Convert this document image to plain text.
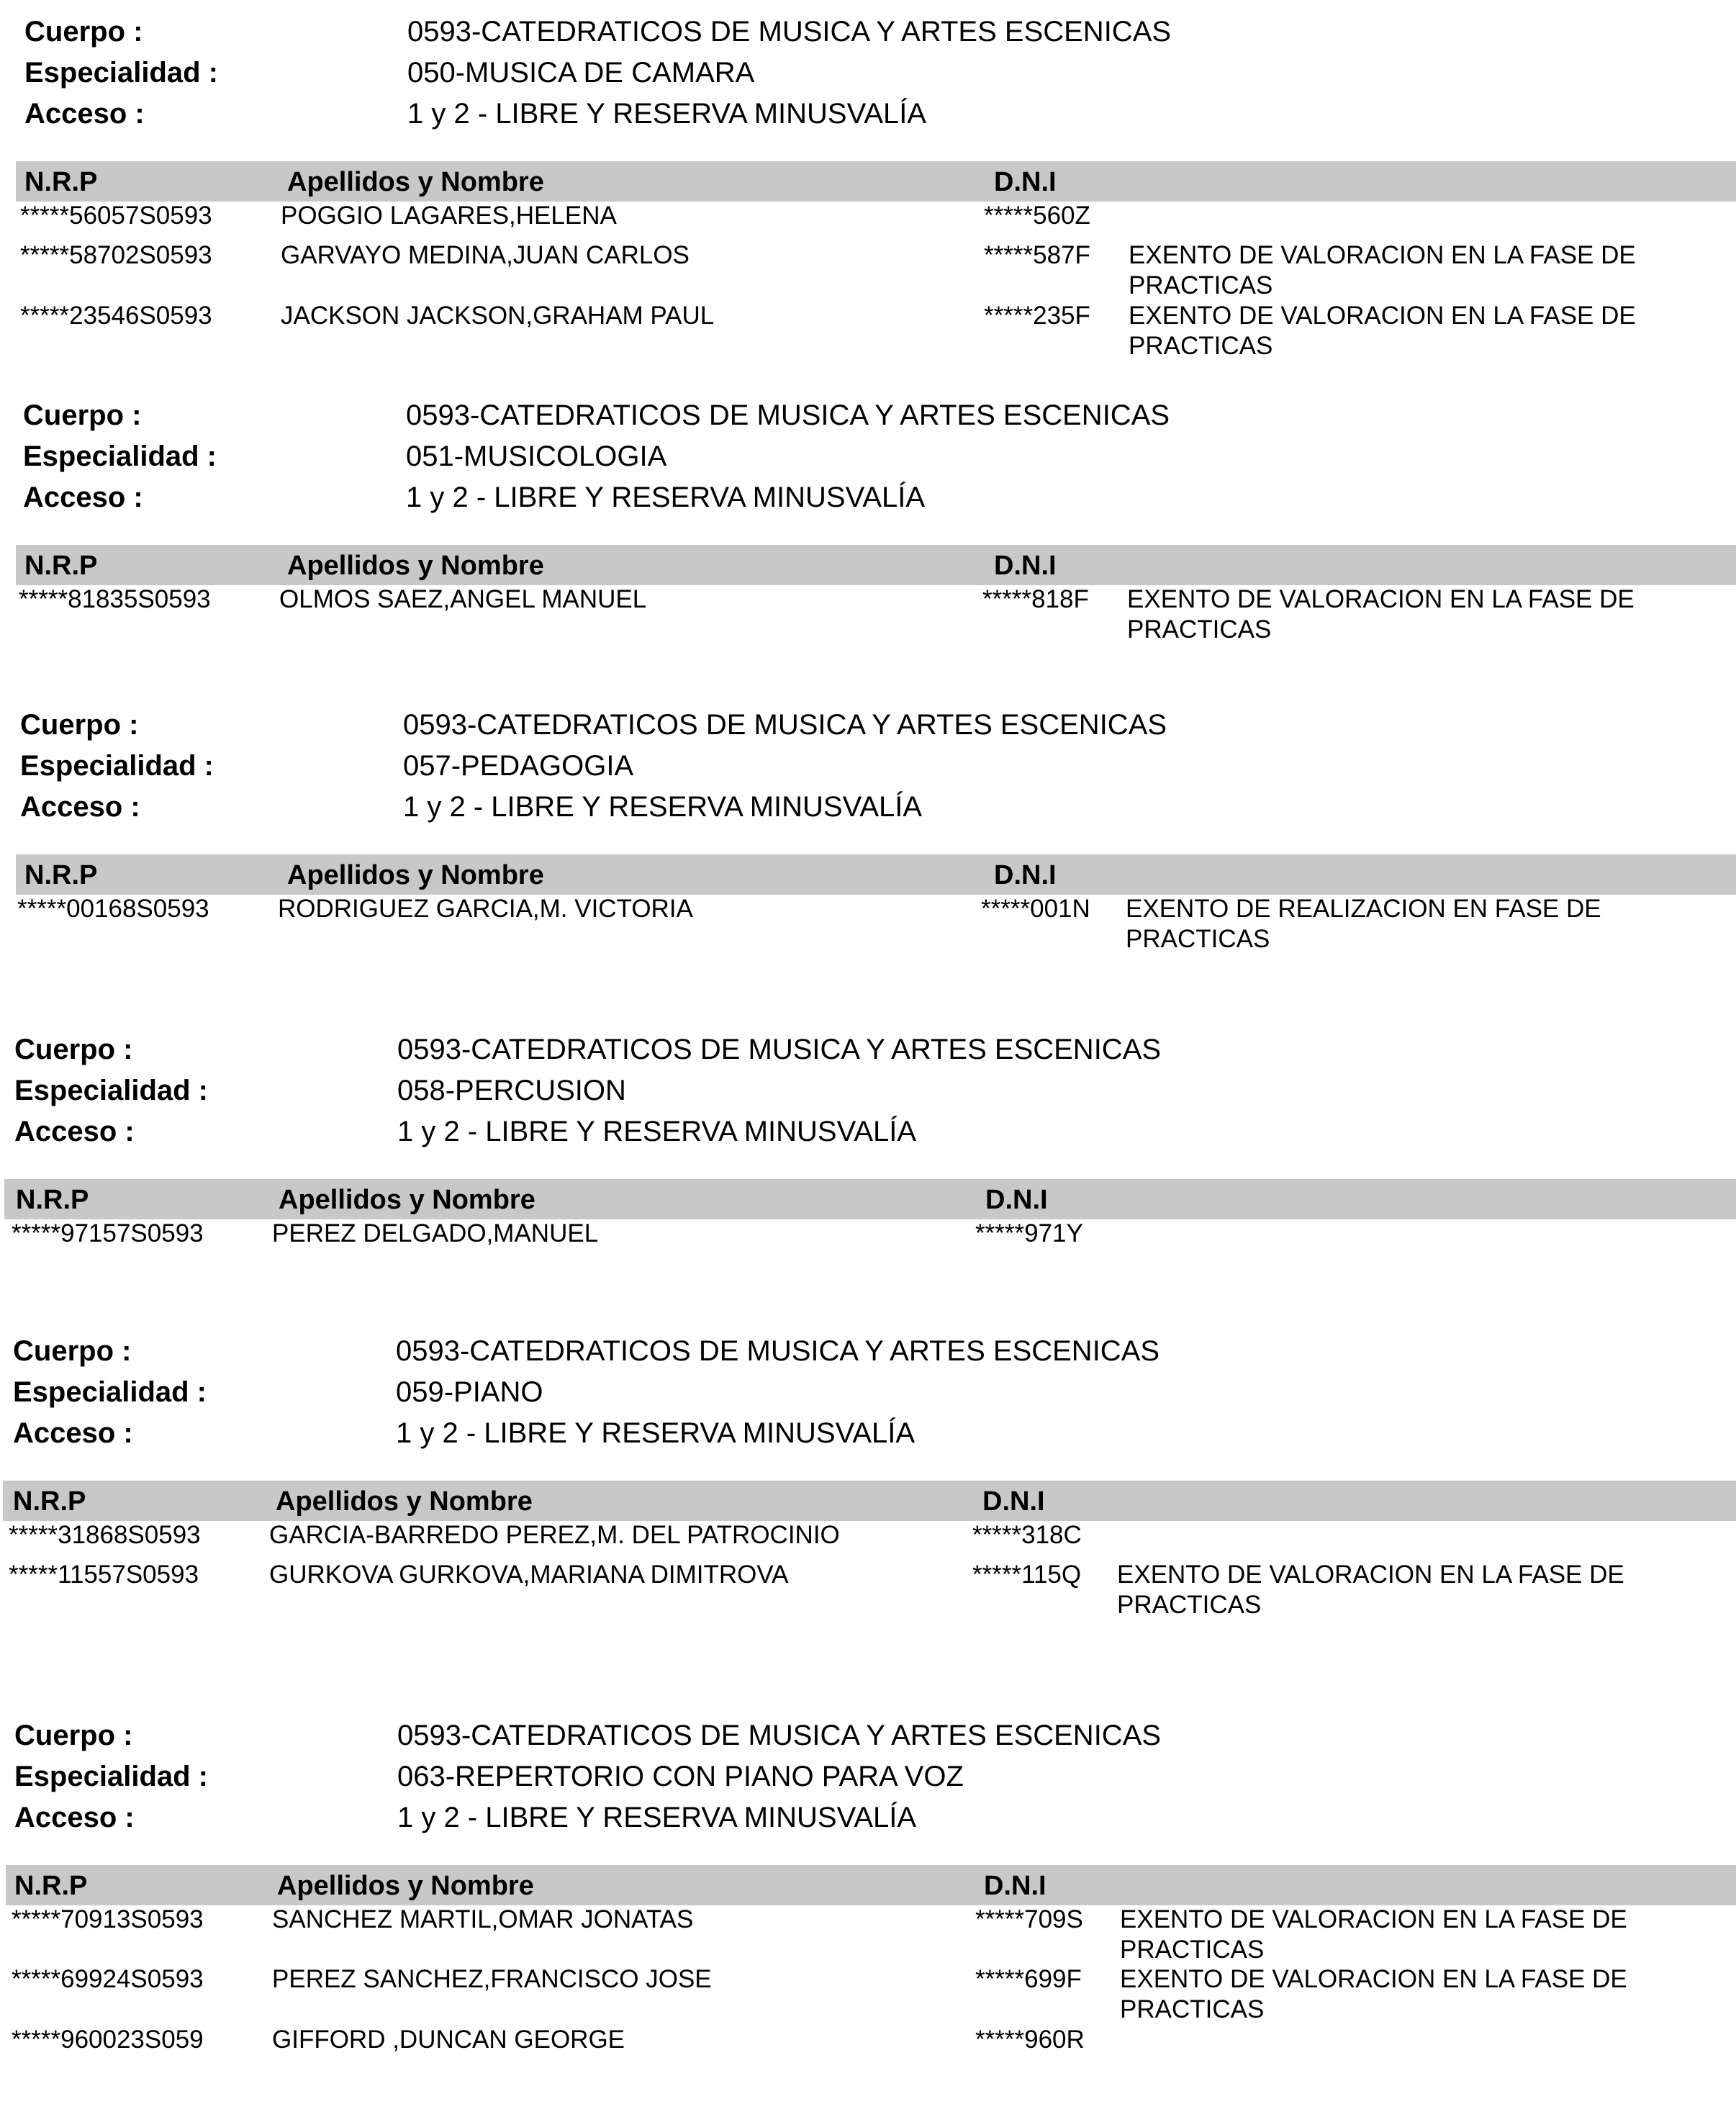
Cuerpo :	0593-CATEDRATICOS DE MUSICA Y ARTES ESCENICAS
Especialidad :	050-MUSICA DE CAMARA
Acceso :	1 y 2 - LIBRE Y RESERVA MINUSVALÍA
N.R.P	Apellidos y Nombre	D.N.I
*****56057S0593	POGGIO LAGARES,HELENA	*****560Z
*****58702S0593	GARVAYO MEDINA,JUAN CARLOS	*****587F EXENTO DE VALORACION EN LA FASE DE PRACTICAS
*****23546S0593	JACKSON JACKSON,GRAHAM PAUL	*****235F EXENTO DE VALORACION EN LA FASE DE PRACTICAS
Cuerpo :	0593-CATEDRATICOS DE MUSICA Y ARTES ESCENICAS
Especialidad :	051-MUSICOLOGIA
Acceso :	1 y 2 - LIBRE Y RESERVA MINUSVALÍA
N.R.P	Apellidos y Nombre	D.N.I
*****81835S0593	OLMOS SAEZ,ANGEL MANUEL	*****818F EXENTO DE VALORACION EN LA FASE DE PRACTICAS
Cuerpo :	0593-CATEDRATICOS DE MUSICA Y ARTES ESCENICAS
Especialidad :	057-PEDAGOGIA
Acceso :	1 y 2 - LIBRE Y RESERVA MINUSVALÍA
N.R.P	Apellidos y Nombre	D.N.I
*****00168S0593	RODRIGUEZ GARCIA,M. VICTORIA	*****001N EXENTO DE REALIZACION EN FASE DE PRACTICAS
Cuerpo :	0593-CATEDRATICOS DE MUSICA Y ARTES ESCENICAS
Especialidad :	058-PERCUSION
Acceso :	1 y 2 - LIBRE Y RESERVA MINUSVALÍA
N.R.P	Apellidos y Nombre	D.N.I
*****97157S0593	PEREZ DELGADO,MANUEL	*****971Y
Cuerpo :	0593-CATEDRATICOS DE MUSICA Y ARTES ESCENICAS
Especialidad :	059-PIANO
Acceso :	1 y 2 - LIBRE Y RESERVA MINUSVALÍA
N.R.P	Apellidos y Nombre	D.N.I
*****31868S0593	GARCIA-BARREDO PEREZ,M. DEL PATROCINIO	*****318C
*****11557S0593	GURKOVA GURKOVA,MARIANA DIMITROVA	*****115Q EXENTO DE VALORACION EN LA FASE DE PRACTICAS
Cuerpo :	0593-CATEDRATICOS DE MUSICA Y ARTES ESCENICAS
Especialidad :	063-REPERTORIO CON PIANO PARA VOZ
Acceso :	1 y 2 - LIBRE Y RESERVA MINUSVALÍA
N.R.P	Apellidos y Nombre	D.N.I
*****70913S0593	SANCHEZ MARTIL,OMAR JONATAS	*****709S EXENTO DE VALORACION EN LA FASE DE PRACTICAS
*****69924S0593	PEREZ SANCHEZ,FRANCISCO JOSE	*****699F EXENTO DE VALORACION EN LA FASE DE PRACTICAS
*****960023S059	GIFFORD ,DUNCAN GEORGE	*****960R
